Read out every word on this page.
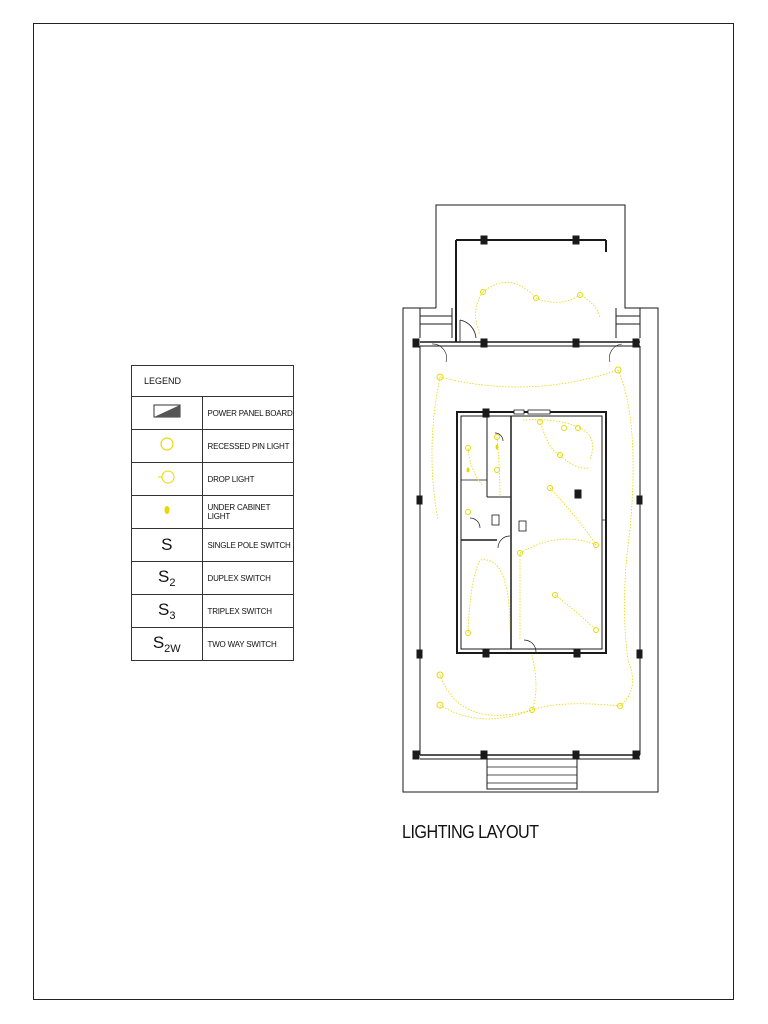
LEGEND	
	POWER PANEL BOARD
	RECESSED PIN LIGHT
	DROP LIGHT
	UNDER CABINET LIGHT
S	SINGLE POLE SWITCH
$S_2$	DUPLEX SWITCH
$S_3$	TRIPLEX SWITCH
$S_{2W}$	TWO WAY SWITCH
LIGHTING LAYOUT
